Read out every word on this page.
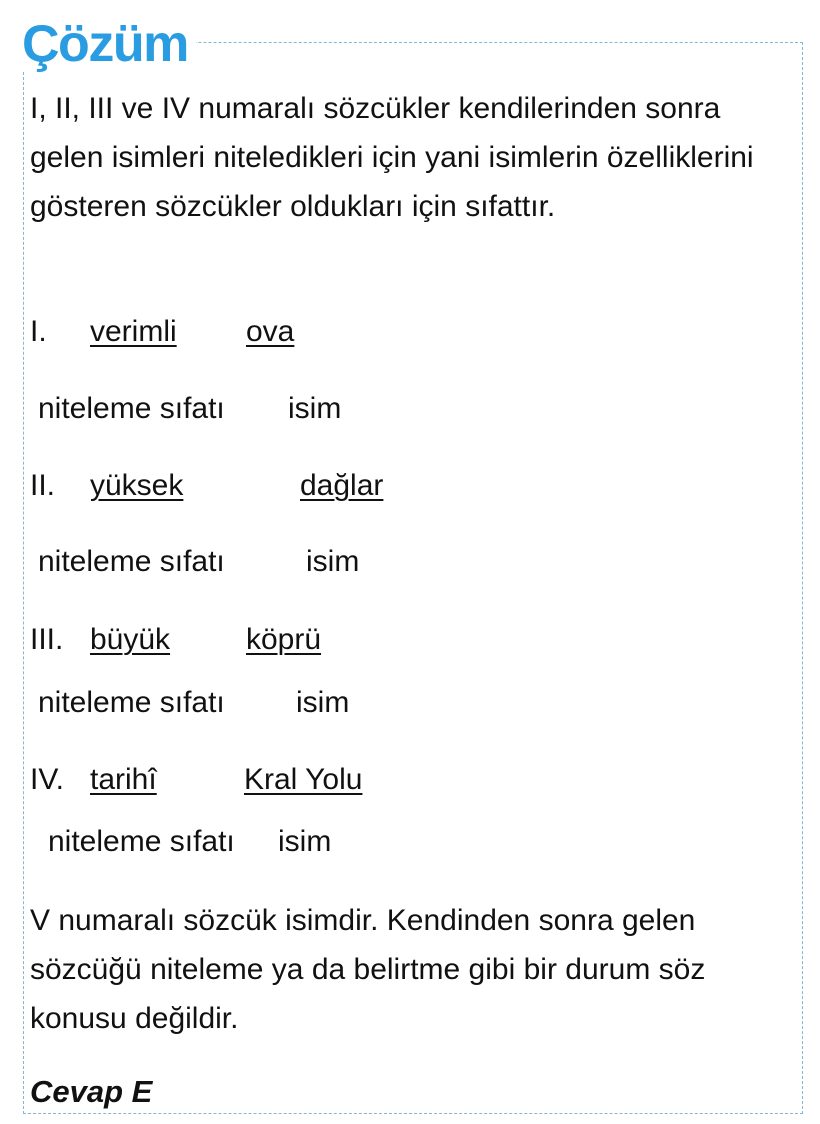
Çözüm

I, II, III ve IV numaralı sözcükler kendilerinden sonra gelen isimleri niteledikleri için yani isimlerin özelliklerini gösteren sözcükler oldukları için sıfattır.

I. verimli ova
niteleme sıfatı isim
II. yüksek	dağlar
niteleme sıfatı	isim
III. büyük	köprü
niteleme sıfatı isim
IV. tarihî	Kral Yolu
niteleme sıfatı isim

V numaralı sözcük isimdir. Kendinden sonra gelen sözcüğü niteleme ya da belirtme gibi bir durum söz konusu değildir.

Cevap E
